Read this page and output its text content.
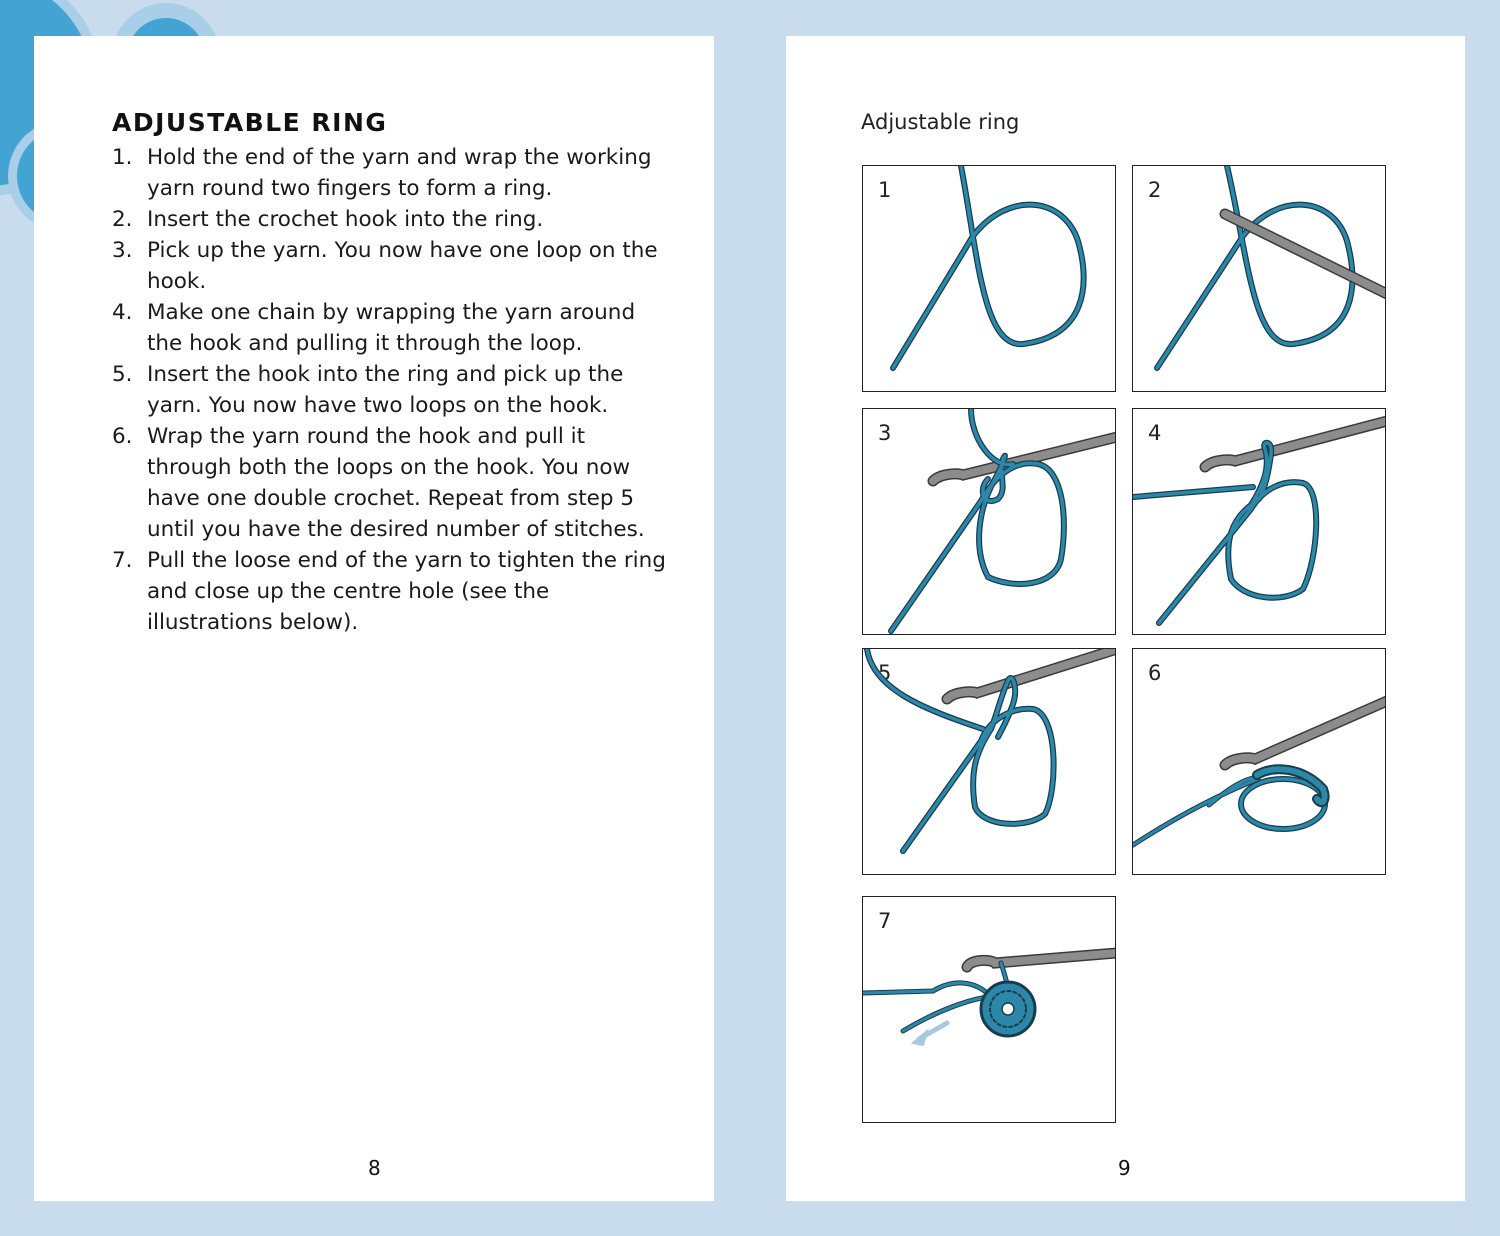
ADJUSTABLE RING
1. Hold the end of the yarn and wrap the working yarn round two fingers to form a ring.
2. Insert the crochet hook into the ring.
3. Pick up the yarn. You now have one loop on the hook.
4. Make one chain by wrapping the yarn around the hook and pulling it through the loop.
5. Insert the hook into the ring and pick up the yarn. You now have two loops on the hook.
6. Wrap the yarn round the hook and pull it through both the loops on the hook. You now have one double crochet. Repeat from step 5 until you have the desired number of stitches.
7. Pull the loose end of the yarn to tighten the ring and close up the centre hole (see the illustrations below).
8
Adjustable ring
1	2
3	4
5	6
7
9
